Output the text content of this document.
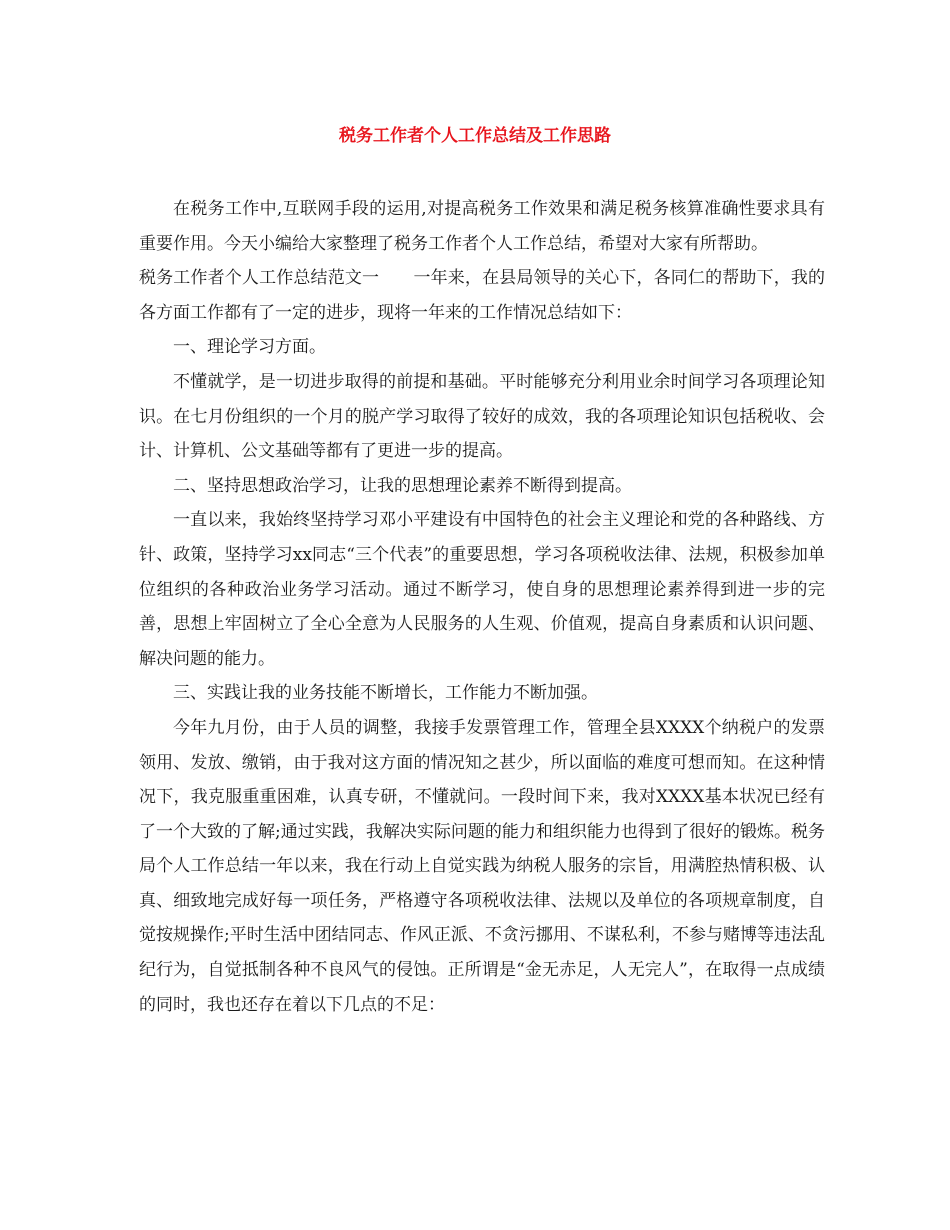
税务工作者个人工作总结及工作思路

在税务工作中,互联网手段的运用,对提高税务工作效果和满足税务核算准确性要求具有重要作用。今天小编给大家整理了税务工作者个人工作总结，希望对大家有所帮助。

税务工作者个人工作总结范文一　　一年来，在县局领导的关心下，各同仁的帮助下，我的各方面工作都有了一定的进步，现将一年来的工作情况总结如下：

一、理论学习方面。

不懂就学，是一切进步取得的前提和基础。平时能够充分利用业余时间学习各项理论知识。在七月份组织的一个月的脱产学习取得了较好的成效，我的各项理论知识包括税收、会计、计算机、公文基础等都有了更进一步的提高。

二、坚持思想政治学习，让我的思想理论素养不断得到提高。

一直以来，我始终坚持学习邓小平建设有中国特色的社会主义理论和党的各种路线、方针、政策，坚持学习xx同志“三个代表”的重要思想，学习各项税收法律、法规，积极参加单位组织的各种政治业务学习活动。通过不断学习，使自身的思想理论素养得到进一步的完善，思想上牢固树立了全心全意为人民服务的人生观、价值观，提高自身素质和认识问题、解决问题的能力。

三、实践让我的业务技能不断增长，工作能力不断加强。

今年九月份，由于人员的调整，我接手发票管理工作，管理全县XXXX个纳税户的发票领用、发放、缴销，由于我对这方面的情况知之甚少，所以面临的难度可想而知。在这种情况下，我克服重重困难，认真专研，不懂就问。一段时间下来，我对XXXX基本状况已经有了一个大致的了解;通过实践，我解决实际问题的能力和组织能力也得到了很好的锻炼。税务局个人工作总结一年以来，我在行动上自觉实践为纳税人服务的宗旨，用满腔热情积极、认真、细致地完成好每一项任务，严格遵守各项税收法律、法规以及单位的各项规章制度，自觉按规操作;平时生活中团结同志、作风正派、不贪污挪用、不谋私利，不参与赌博等违法乱纪行为，自觉抵制各种不良风气的侵蚀。正所谓是“金无赤足，人无完人”，在取得一点成绩的同时，我也还存在着以下几点的不足：
